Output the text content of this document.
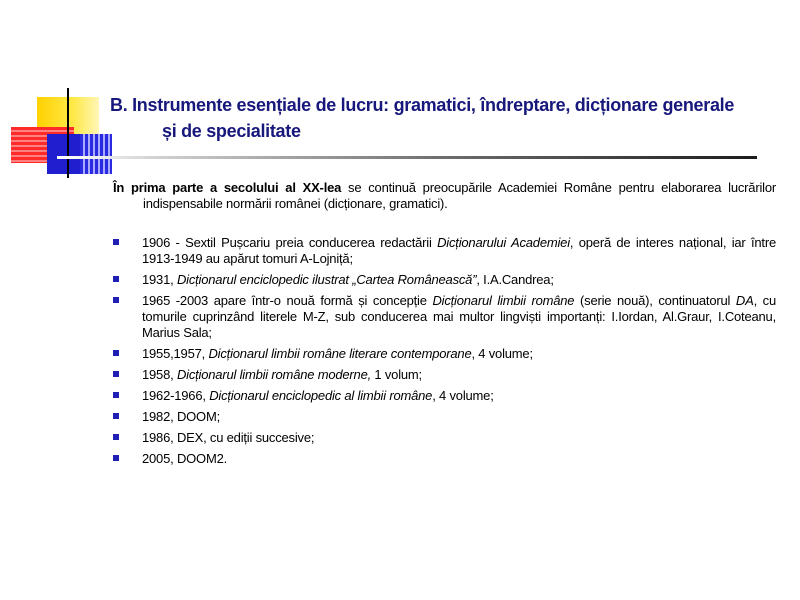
B. Instrumente esențiale de lucru: gramatici, îndreptare, dicționare generale
și de specialitate

În prima parte a secolului al XX-lea se continuă preocupările Academiei Române pentru elaborarea lucrărilor indispensabile normării românei (dicționare, gramatici).

1906 - Sextil Pușcariu preia conducerea redactării Dicționarului Academiei, operă de interes național, iar între 1913-1949 au apărut tomuri A-Lojniță;
1931, Dicționarul enciclopedic ilustrat „Cartea Românească”, I.A.Candrea;
1965 -2003 apare într-o nouă formă și concepție Dicționarul limbii române (serie nouă), continuatorul DA, cu tomurile cuprinzând literele M-Z, sub conducerea mai multor lingviști importanți: I.Iordan, Al.Graur, I.Coteanu, Marius Sala;
1955,1957, Dicționarul limbii române literare contemporane, 4 volume;
1958, Dicționarul limbii române moderne, 1 volum;
1962-1966, Dicționarul enciclopedic al limbii române, 4 volume;
1982, DOOM;
1986, DEX, cu ediții succesive;
2005, DOOM2.
